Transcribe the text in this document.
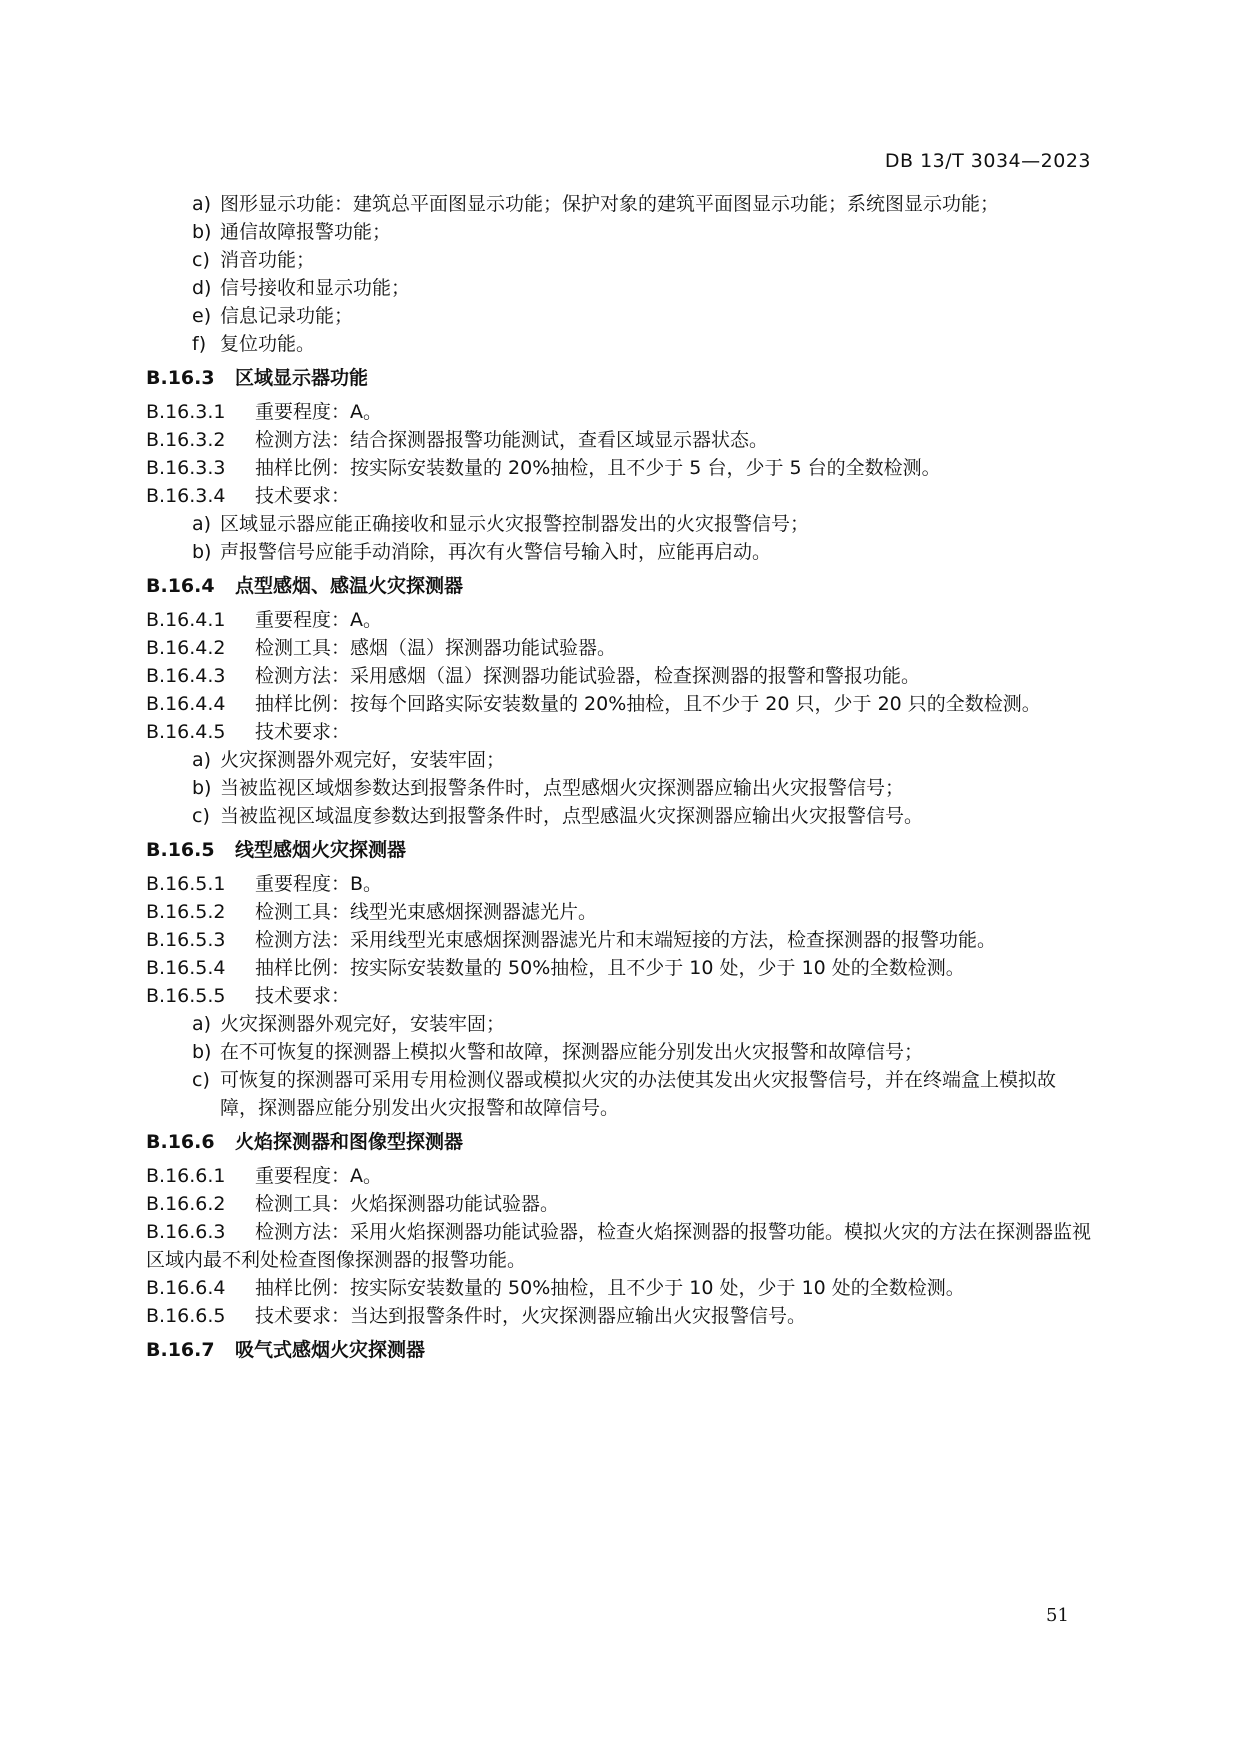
DB 13/T 3034—2023
a) 图形显示功能：建筑总平面图显示功能；保护对象的建筑平面图显示功能；系统图显示功能；
b) 通信故障报警功能；
c) 消音功能；
d) 信号接收和显示功能；
e) 信息记录功能；
f) 复位功能。
B.16.3	区域显示器功能
B.16.3.1	重要程度：A。
B.16.3.2	检测方法：结合探测器报警功能测试，查看区域显示器状态。
B.16.3.3	抽样比例：按实际安装数量的 20%抽检，且不少于 5 台，少于 5 台的全数检测。
B.16.3.4	技术要求：
a) 区域显示器应能正确接收和显示火灾报警控制器发出的火灾报警信号；
b) 声报警信号应能手动消除，再次有火警信号输入时，应能再启动。
B.16.4	点型感烟、感温火灾探测器
B.16.4.1	重要程度：A。
B.16.4.2	检测工具：感烟（温）探测器功能试验器。
B.16.4.3	检测方法：采用感烟（温）探测器功能试验器，检查探测器的报警和警报功能。
B.16.4.4 抽样比例：按每个回路实际安装数量的 20%抽检，且不少于 20 只，少于 20 只的全数检测。
B.16.4.5	技术要求：
a) 火灾探测器外观完好，安装牢固；
b) 当被监视区域烟参数达到报警条件时，点型感烟火灾探测器应输出火灾报警信号；
c) 当被监视区域温度参数达到报警条件时，点型感温火灾探测器应输出火灾报警信号。
B.16.5	线型感烟火灾探测器
B.16.5.1	重要程度：B。
B.16.5.2	检测工具：线型光束感烟探测器滤光片。
B.16.5.3	检测方法：采用线型光束感烟探测器滤光片和末端短接的方法，检查探测器的报警功能。
B.16.5.4	抽样比例：按实际安装数量的 50%抽检，且不少于 10 处，少于 10 处的全数检测。
B.16.5.5	技术要求：
a) 火灾探测器外观完好，安装牢固；
b) 在不可恢复的探测器上模拟火警和故障，探测器应能分别发出火灾报警和故障信号；
c) 可恢复的探测器可采用专用检测仪器或模拟火灾的办法使其发出火灾报警信号，并在终端盒上模拟故障，探测器应能分别发出火灾报警和故障信号。
B.16.6	火焰探测器和图像型探测器
B.16.6.1	重要程度：A。
B.16.6.2	检测工具：火焰探测器功能试验器。
B.16.6.3 检测方法：采用火焰探测器功能试验器，检查火焰探测器的报警功能。模拟火灾的方法在探测器监视区域内最不利处检查图像探测器的报警功能。
B.16.6.4	抽样比例：按实际安装数量的 50%抽检，且不少于 10 处，少于 10 处的全数检测。
B.16.6.5	技术要求：当达到报警条件时，火灾探测器应输出火灾报警信号。
B.16.7	吸气式感烟火灾探测器
51
